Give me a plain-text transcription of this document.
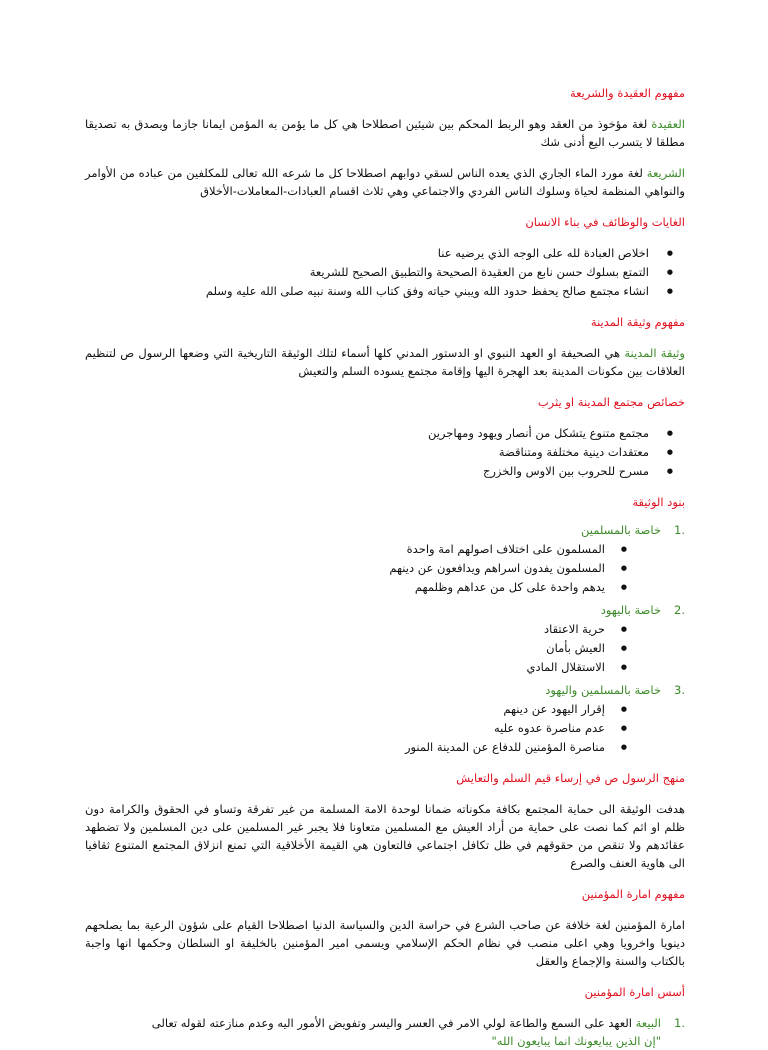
مفهوم العقيدة والشريعة
العقيدة لغة مؤخوذ من العقد وهو الربط المحكم بين شيئين اصطلاحا هي كل ما يؤمن به المؤمن ايمانا جازما ويصدق به تصديقا مطلقا لا يتسرب اليع أدنى شك
الشريعة لغة مورد الماء الجاري الذي يعده الناس لسقي دوابهم اصطلاحا كل ما شرعه الله تعالى للمكلفين من عباده من الأوامر والنواهي المنظمة لحياة وسلوك الناس الفردي والاجتماعي وهي ثلاث اقسام العبادات-المعاملات-الأخلاق
الغايات والوظائف في بناء الانسان
● اخلاص العبادة لله على الوجه الذي يرضيه عنا
● التمتع بسلوك حسن نابع من العقيدة الصحيحة والتطبيق الصحيح للشريعة
● انشاء مجتمع صالح يحفظ حدود الله ويبني حياته وفق كتاب الله وسنة نبيه صلى الله عليه وسلم
مفهوم وثيقة المدينة
وثيقة المدينة هي الصحيفة او العهد النبوي او الدستور المدني كلها أسماء لتلك الوثيقة التاريخية التي وضعها الرسول ص لتنظيم العلاقات بين مكونات المدينة بعد الهجرة اليها وإقامة مجتمع يسوده السلم والتعيش
خصائص مجتمع المدينة او يثرب
● مجتمع متنوع يتشكل من أنصار ويهود ومهاجرين
● معتقدات دينية مختلفة ومتناقضة
● مسرح للحروب بين الاوس والخزرج
بنود الوثيقة
1.
خاصة بالمسلمين
● المسلمون على اختلاف اصولهم امة واحدة
● المسلمون يفدون اسراهم ويدافعون عن دينهم
● يدهم واحدة على كل من عداهم وظلمهم
2.
خاصة باليهود
● حرية الاعتقاد
● العيش بأمان
● الاستقلال المادي
3.
خاصة بالمسلمين واليهود
● إقرار اليهود عن دينهم
● عدم مناصرة عدوه عليه
● مناصرة المؤمنين للدفاع عن المدينة المنور
منهج الرسول ص في إرساء قيم السلم والتعايش
هدفت الوثيقة الى حماية المجتمع بكافة مكوناته ضمانا لوحدة الامة المسلمة من غير تفرقة وتساو في الحقوق والكرامة دون ظلم او اثم كما نصت على حماية من أراد العيش مع المسلمين متعاونا فلا يجبر غير المسلمين على دين المسلمين ولا تضطهد عقائدهم ولا تنقص من حقوقهم في ظل تكافل اجتماعي فالتعاون هي القيمة الأخلاقية التي تمنع انزلاق المجتمع المتنوع ثقافيا الى هاوية العنف والصرع
مفهوم امارة المؤمنين
امارة المؤمنين لغة خلافة عن صاحب الشرع في حراسة الدين والسياسة الدنيا اصطلاحا القيام على شؤون الرعية بما يصلحهم دينويا واخرويا وهي اعلى منصب في نظام الحكم الإسلامي ويسمى امير المؤمنين بالخليفة او السلطان وحكمها انها واجبة بالكتاب والسنة والإجماع والعقل
أسس امارة المؤمنين
1.
البيعة العهد على السمع والطاعة لولي الامر في العسر واليسر وتفويض الأمور اليه وعدم منازعته لقوله تعالى
"إن الذين يبايعونك انما يبايعون الله"
